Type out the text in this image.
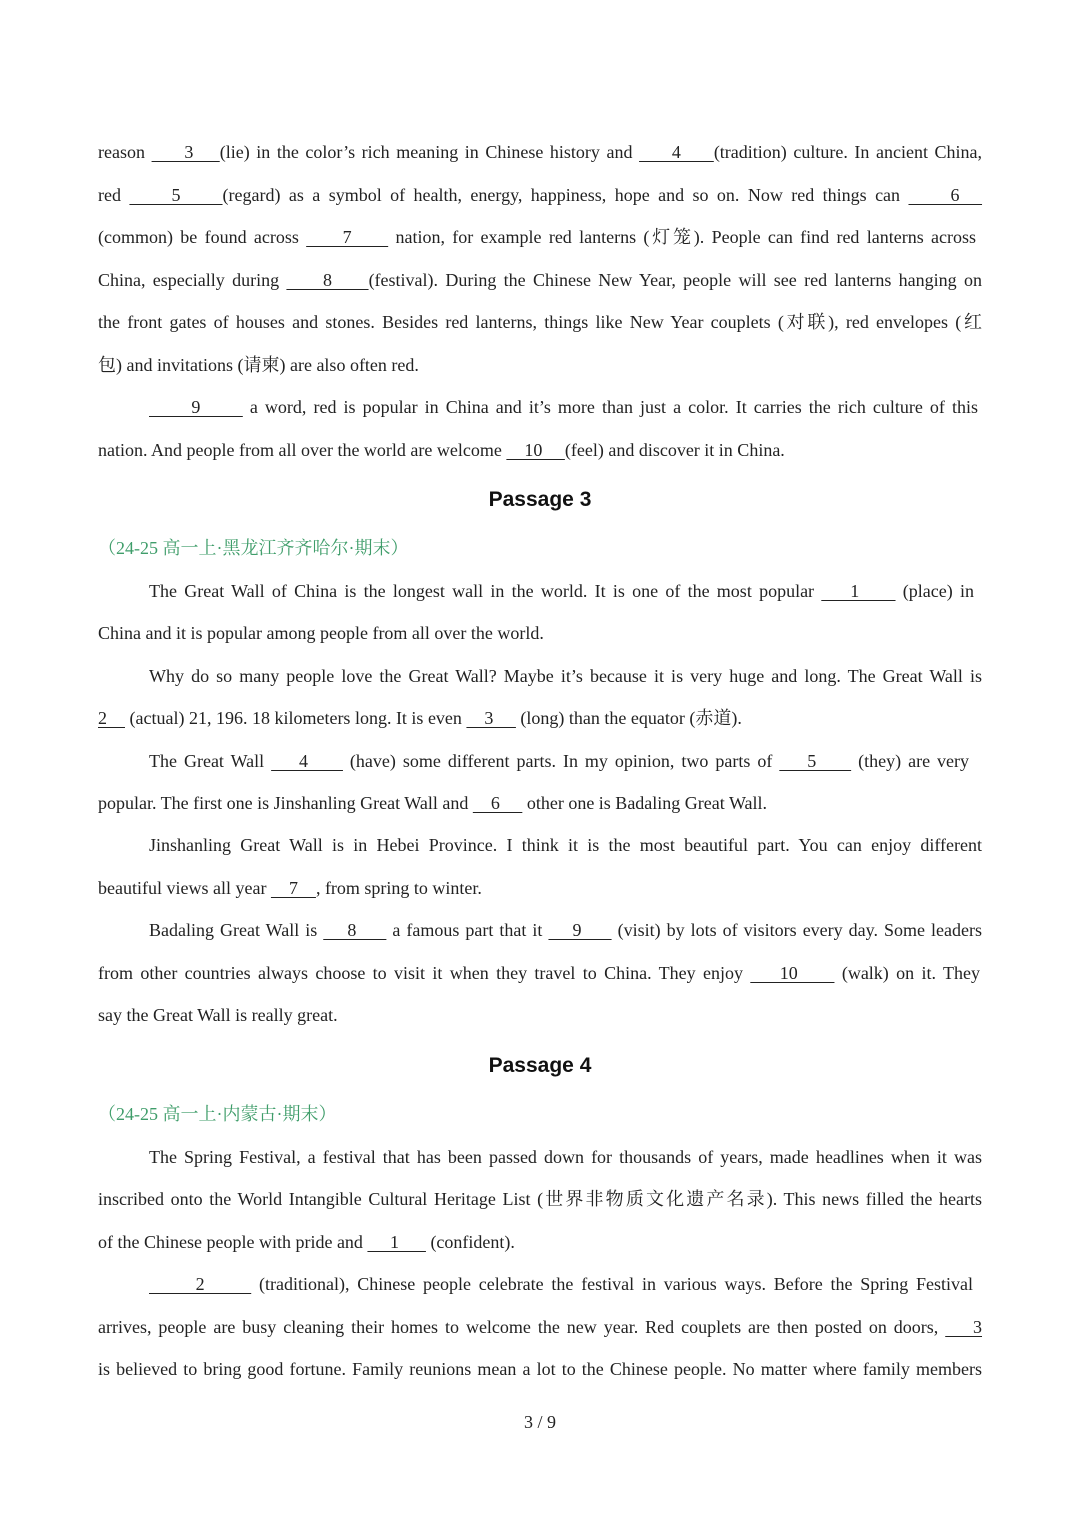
reason      3    (lie) in the color’s rich meaning in Chinese history and      4     (tradition) culture. In ancient China,
red      5     (regard) as a symbol of health, energy, happiness, hope and so on. Now red things can      6
(common) be found across      7      nation, for example red lanterns (灯笼). People can find red lanterns across
China, especially during      8     (festival). During the Chinese New Year, people will see red lanterns hanging on
the front gates of houses and stones. Besides red lanterns, things like New Year couplets (对联), red envelopes (红
包) and invitations (请柬) are also often red.
9       a word, red is popular in China and it’s more than just a color. It carries the rich culture of this
nation. And people from all over the world are welcome     10     (feel) and discover it in China.
Passage 3
（24-25 高一上·黑龙江齐齐哈尔·期末）
The Great Wall of China is the longest wall in the world. It is one of the most popular     1      (place) in
China and it is popular among people from all over the world.
Why do so many people love the Great Wall? Maybe it’s because it is very huge and long. The Great Wall is
2     (actual) 21, 196. 18 kilometers long. It is even     3      (long) than the equator (赤道).
The Great Wall     4      (have) some different parts. In my opinion, two parts of     5      (they) are very
popular. The first one is Jinshanling Great Wall and     6      other one is Badaling Great Wall.
Jinshanling Great Wall is in Hebei Province. I think it is the most beautiful part. You can enjoy different
beautiful views all year     7    , from spring to winter.
Badaling Great Wall is     8      a famous part that it     9      (visit) by lots of visitors every day. Some leaders
from other countries always choose to visit it when they travel to China. They enjoy     10      (walk) on it. They
say the Great Wall is really great.
Passage 4
（24-25 高一上·内蒙古·期末）
The Spring Festival, a festival that has been passed down for thousands of years, made headlines when it was
inscribed onto the World Intangible Cultural Heritage List (世界非物质文化遗产名录). This news filled the hearts
of the Chinese people with pride and      1       (confident).
2       (traditional), Chinese people celebrate the festival in various ways. Before the Spring Festival
arrives, people are busy cleaning their homes to welcome the new year. Red couplets are then posted on doors,     3
is believed to bring good fortune. Family reunions mean a lot to the Chinese people. No matter where family members
3 / 9
